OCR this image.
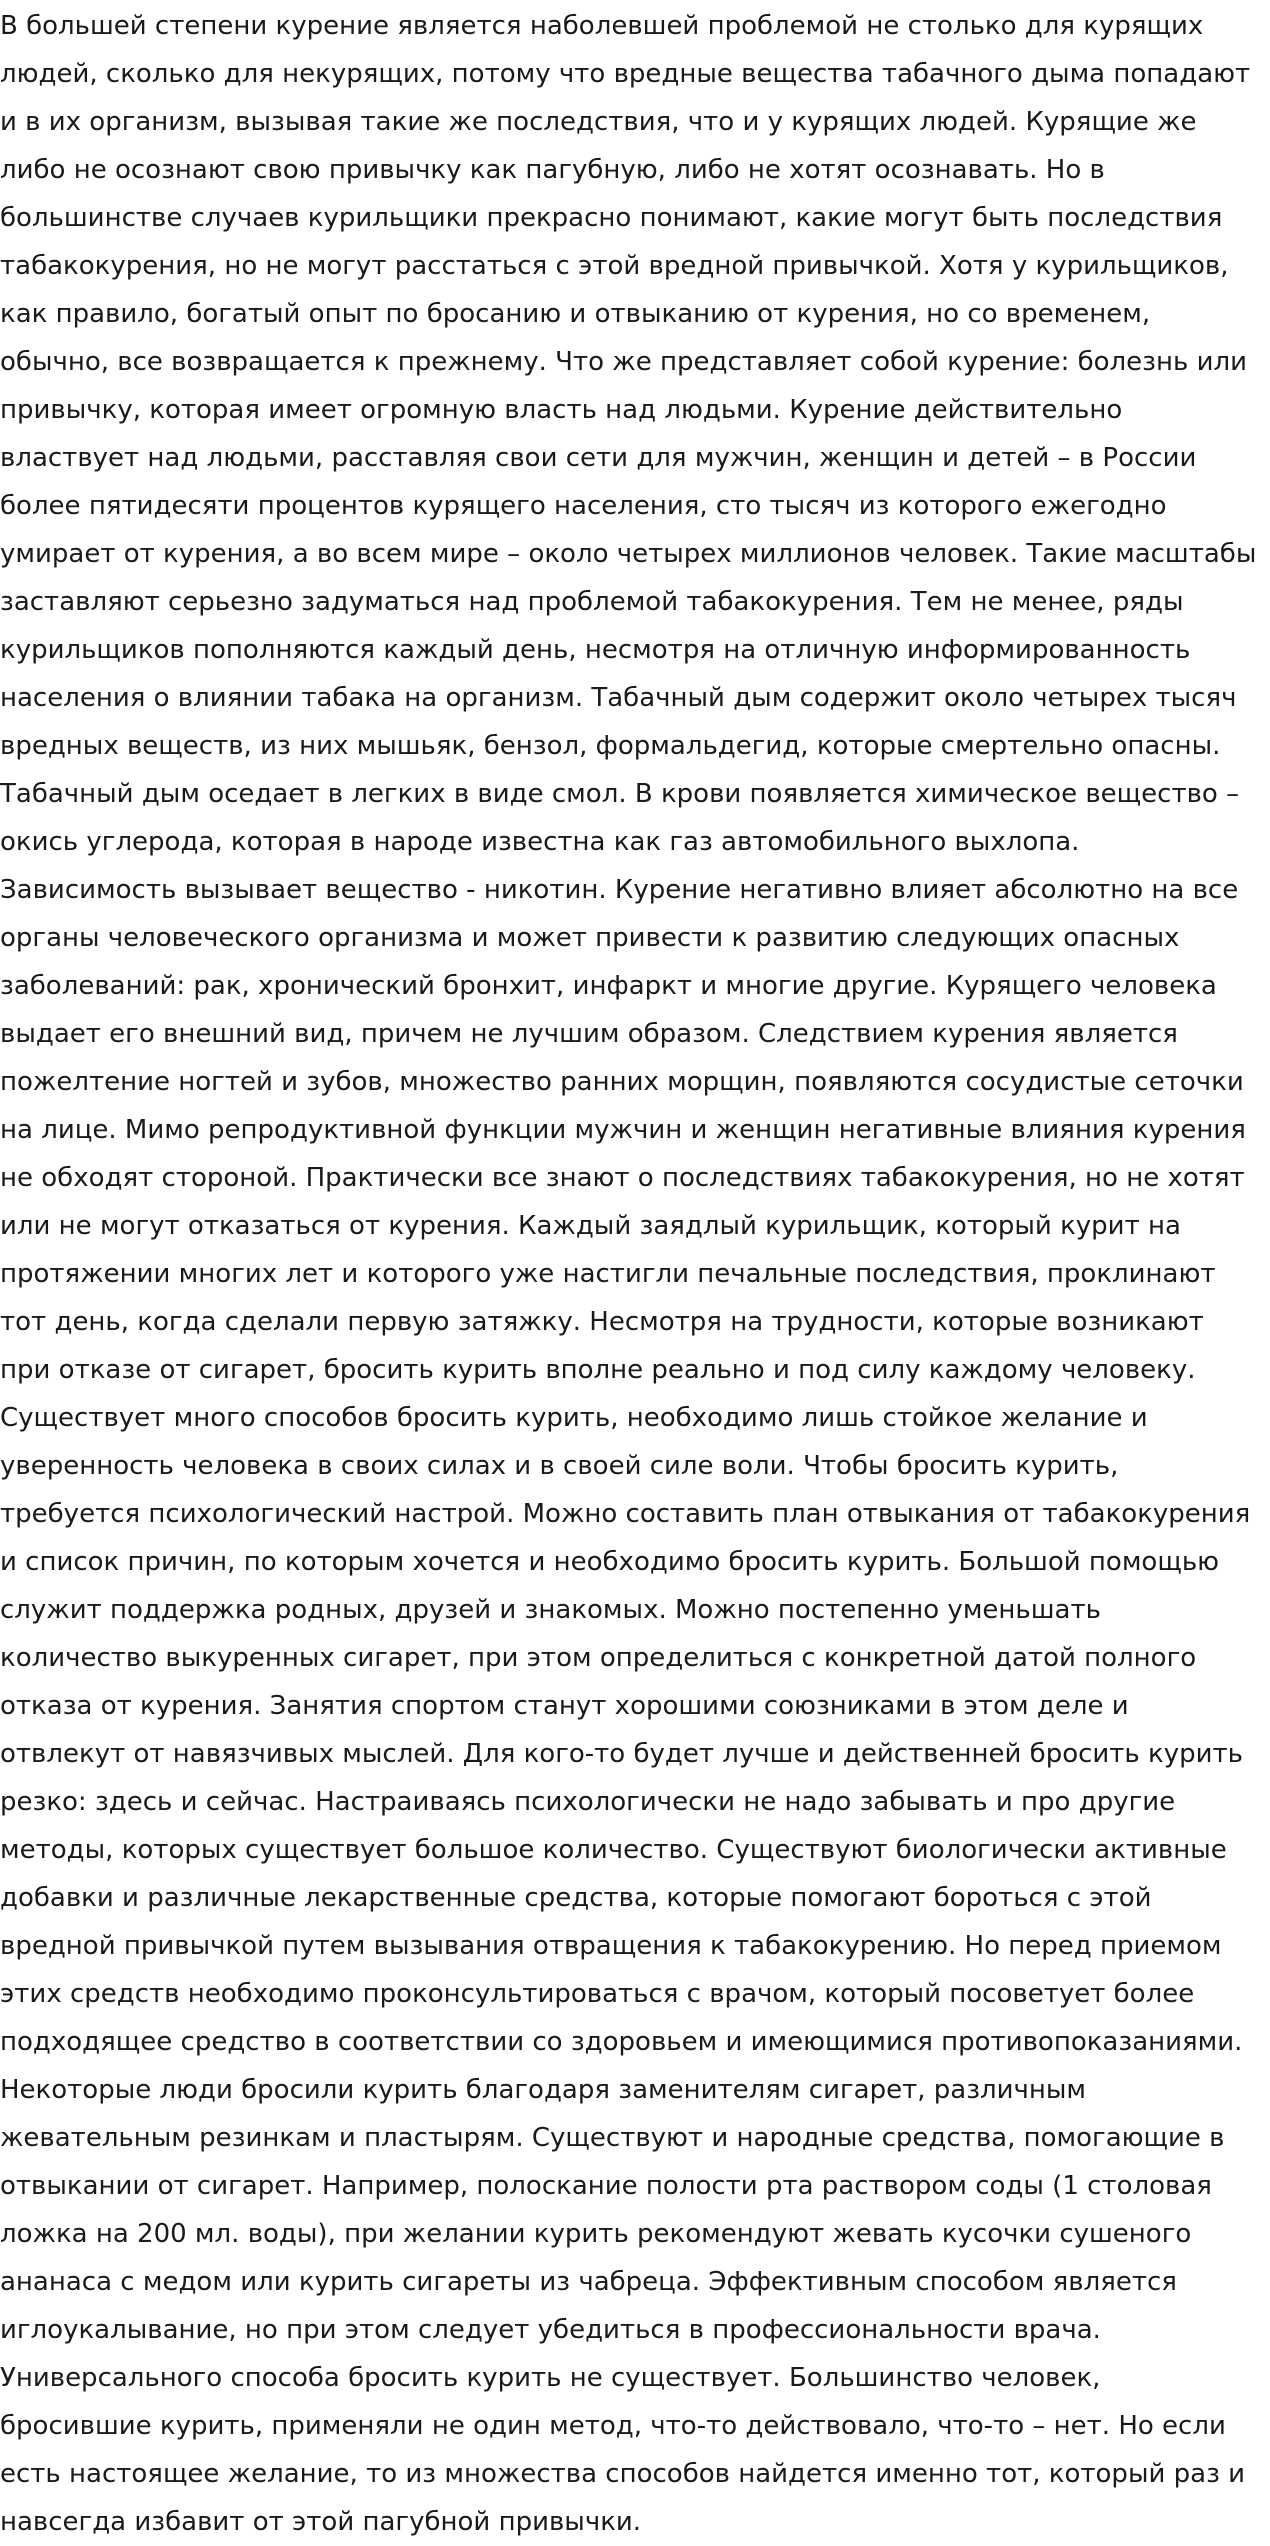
В большей степени курение является наболевшей проблемой не столько для курящих людей, сколько для некурящих, потому что вредные вещества табачного дыма попадают и в их организм, вызывая такие же последствия, что и у курящих людей. Курящие же либо не осознают свою привычку как пагубную, либо не хотят осознавать. Но в большинстве случаев курильщики прекрасно понимают, какие могут быть последствия табакокурения, но не могут расстаться с этой вредной привычкой. Хотя у курильщиков, как правило, богатый опыт по бросанию и отвыканию от курения, но со временем, обычно, все возвращается к прежнему. Что же представляет собой курение: болезнь или привычку, которая имеет огромную власть над людьми. Курение действительно властвует над людьми, расставляя свои сети для мужчин, женщин и детей – в России более пятидесяти процентов курящего населения, сто тысяч из которого ежегодно умирает от курения, а во всем мире – около четырех миллионов человек. Такие масштабы заставляют серьезно задуматься над проблемой табакокурения. Тем не менее, ряды курильщиков пополняются каждый день, несмотря на отличную информированность населения о влиянии табака на организм. Табачный дым содержит около четырех тысяч вредных веществ, из них мышьяк, бензол, формальдегид, которые смертельно опасны. Табачный дым оседает в легких в виде смол. В крови появляется химическое вещество – окись углерода, которая в народе известна как газ автомобильного выхлопа. Зависимость вызывает вещество - никотин. Курение негативно влияет абсолютно на все органы человеческого организма и может привести к развитию следующих опасных заболеваний: рак, хронический бронхит, инфаркт и многие другие. Курящего человека выдает его внешний вид, причем не лучшим образом. Следствием курения является пожелтение ногтей и зубов, множество ранних морщин, появляются сосудистые сеточки на лице. Мимо репродуктивной функции мужчин и женщин негативные влияния курения не обходят стороной. Практически все знают о последствиях табакокурения, но не хотят или не могут отказаться от курения. Каждый заядлый курильщик, который курит на протяжении многих лет и которого уже настигли печальные последствия, проклинают тот день, когда сделали первую затяжку. Несмотря на трудности, которые возникают при отказе от сигарет, бросить курить вполне реально и под силу каждому человеку. Существует много способов бросить курить, необходимо лишь стойкое желание и уверенность человека в своих силах и в своей силе воли. Чтобы бросить курить, требуется психологический настрой. Можно составить план отвыкания от табакокурения и список причин, по которым хочется и необходимо бросить курить. Большой помощью служит поддержка родных, друзей и знакомых. Можно постепенно уменьшать количество выкуренных сигарет, при этом определиться с конкретной датой полного отказа от курения. Занятия спортом станут хорошими союзниками в этом деле и отвлекут от навязчивых мыслей. Для кого-то будет лучше и действенней бросить курить резко: здесь и сейчас. Настраиваясь психологически не надо забывать и про другие методы, которых существует большое количество. Существуют биологически активные добавки и различные лекарственные средства, которые помогают бороться с этой вредной привычкой путем вызывания отвращения к табакокурению. Но перед приемом этих средств необходимо проконсультироваться с врачом, который посоветует более подходящее средство в соответствии со здоровьем и имеющимися противопоказаниями. Некоторые люди бросили курить благодаря заменителям сигарет, различным жевательным резинкам и пластырям. Существуют и народные средства, помогающие в отвыкании от сигарет. Например, полоскание полости рта раствором соды (1 столовая ложка на 200 мл. воды), при желании курить рекомендуют жевать кусочки сушеного ананаса с медом или курить сигареты из чабреца. Эффективным способом является иглоукалывание, но при этом следует убедиться в профессиональности врача. Универсального способа бросить курить не существует. Большинство человек, бросившие курить, применяли не один метод, что-то действовало, что-то – нет. Но если есть настоящее желание, то из множества способов найдется именно тот, который раз и навсегда избавит от этой пагубной привычки.
